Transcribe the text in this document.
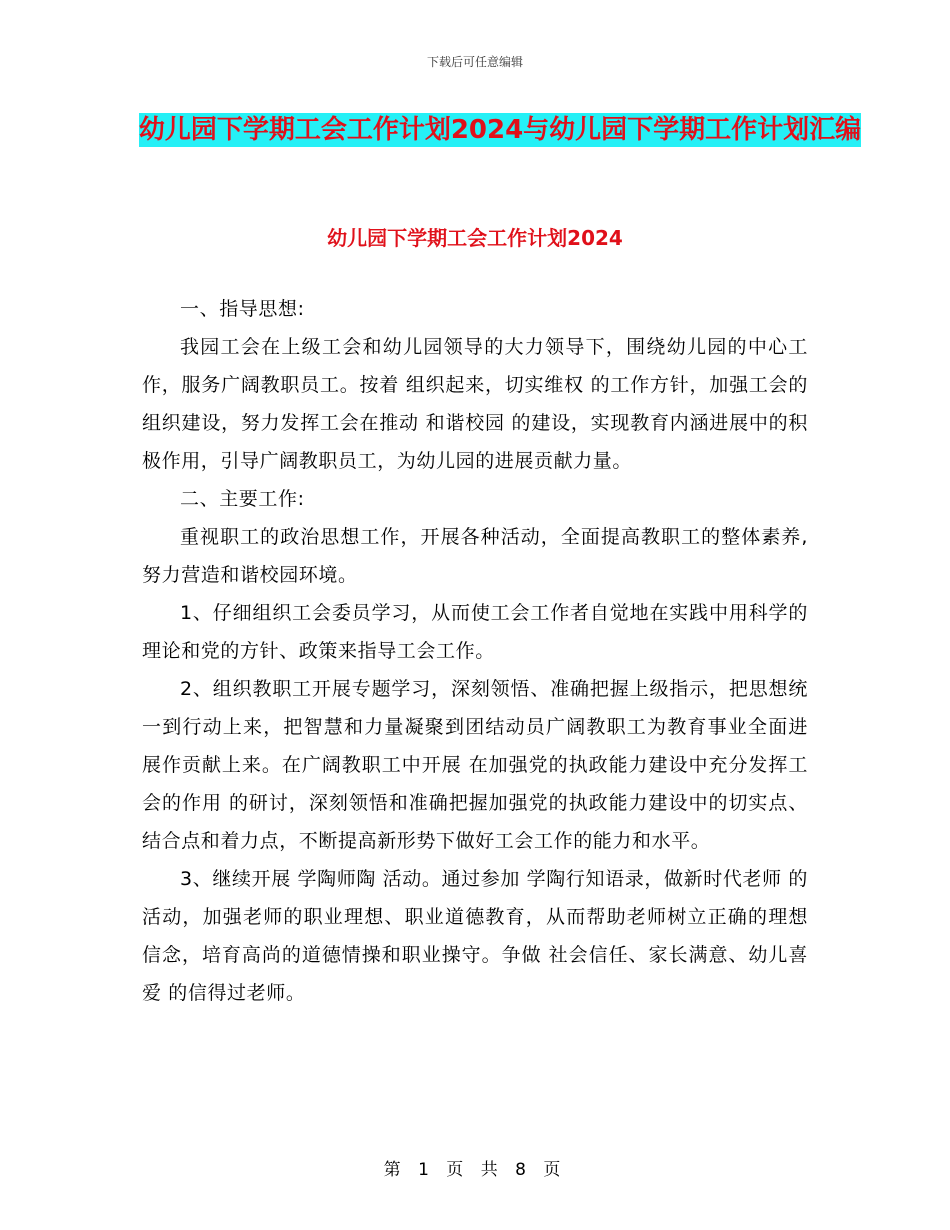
下载后可任意编辑
幼儿园下学期工会工作计划2024与幼儿园下学期工作计划汇编
幼儿园下学期工会工作计划2024

一、指导思想:

我园工会在上级工会和幼儿园领导的大力领导下，围绕幼儿园的中心工作，服务广阔教职员工。按着 组织起来，切实维权 的工作方针，加强工会的组织建设，努力发挥工会在推动 和谐校园 的建设，实现教育内涵进展中的积极作用，引导广阔教职员工，为幼儿园的进展贡献力量。

二、主要工作:

重视职工的政治思想工作，开展各种活动，全面提高教职工的整体素养,努力营造和谐校园环境。

1、仔细组织工会委员学习，从而使工会工作者自觉地在实践中用科学的理论和党的方针、政策来指导工会工作。

2、组织教职工开展专题学习，深刻领悟、准确把握上级指示，把思想统一到行动上来，把智慧和力量凝聚到团结动员广阔教职工为教育事业全面进展作贡献上来。在广阔教职工中开展 在加强党的执政能力建设中充分发挥工会的作用 的研讨，深刻领悟和准确把握加强党的执政能力建设中的切实点、结合点和着力点，不断提高新形势下做好工会工作的能力和水平。

3、继续开展 学陶师陶 活动。通过参加 学陶行知语录，做新时代老师 的活动，加强老师的职业理想、职业道德教育，从而帮助老师树立正确的理想信念，培育高尚的道德情操和职业操守。争做 社会信任、家长满意、幼儿喜爱 的信得过老师。

第 1 页 共 8 页
